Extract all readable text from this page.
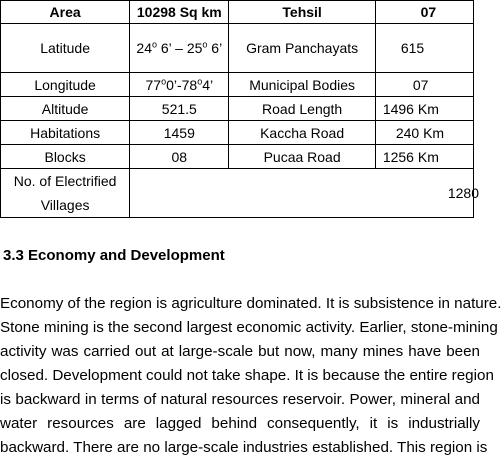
Area	10298 Sq km	Tehsil	07
Latitude	24$^o$ 6’ – 25$^o$ 6’	Gram Panchayats	615
Longitude	77$^o$0’-78$^o$4’	Municipal Bodies	07
Altitude	521.5	Road Length	1496 Km
Habitations	1459	Kaccha Road	240 Km
Blocks	08	Pucaa Road	1256 Km
No. of Electrified Villages	1280		
3.3 Economy and Development
Economy of the region is agriculture dominated. It is subsistence in nature.
Stone mining is the second largest economic activity. Earlier, stone-mining
activity was carried out at large-scale but now, many mines have been
closed. Development could not take shape. It is because the entire region
is backward in terms of natural resources reservoir. Power, mineral and
water resources are lagged behind consequently, it is industrially
backward. There are no large-scale industries established. This region is
